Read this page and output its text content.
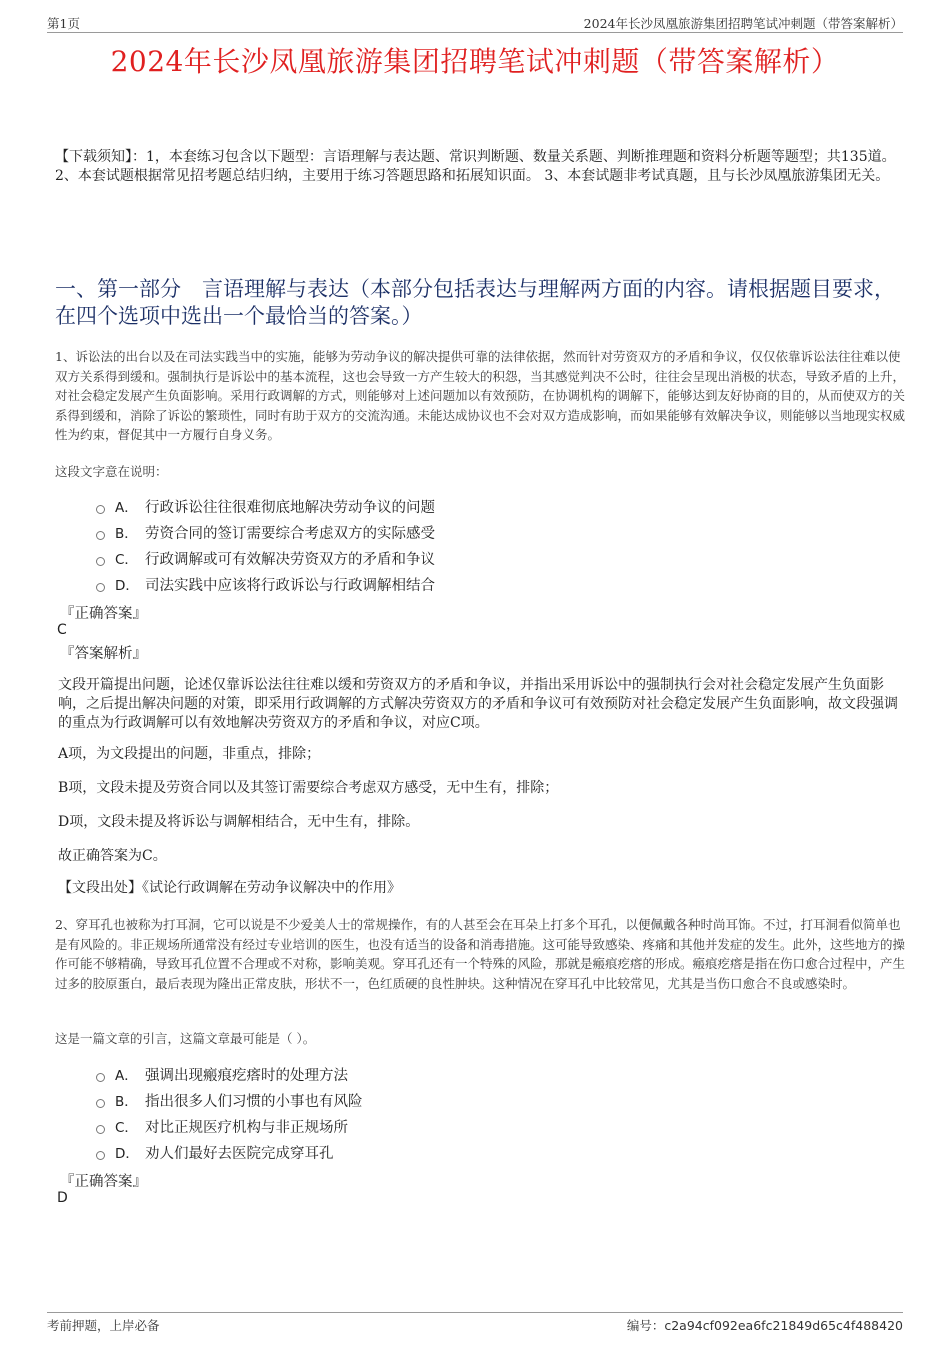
第1页	2024年长沙凤凰旅游集团招聘笔试冲刺题（带答案解析）
2024年长沙凤凰旅游集团招聘笔试冲刺题（带答案解析）

【下载须知】：1，本套练习包含以下题型：言语理解与表达题、常识判断题、数量关系题、判断推理题和资料分析题等题型；共135道。 2、本套试题根据常见招考题总结归纳，主要用于练习答题思路和拓展知识面。 3、本套试题非考试真题，且与长沙凤凰旅游集团无关。

一、第一部分　言语理解与表达（本部分包括表达与理解两方面的内容。请根据题目要求，在四个选项中选出一个最恰当的答案。）

1、诉讼法的出台以及在司法实践当中的实施，能够为劳动争议的解决提供可靠的法律依据，然而针对劳资双方的矛盾和争议，仅仅依靠诉讼法往往难以使双方关系得到缓和。强制执行是诉讼中的基本流程，这也会导致一方产生较大的积怨，当其感觉判决不公时，往往会呈现出消极的状态，导致矛盾的上升，对社会稳定发展产生负面影响。采用行政调解的方式，则能够对上述问题加以有效预防，在协调机构的调解下，能够达到友好协商的目的，从而使双方的关系得到缓和，消除了诉讼的繁琐性，同时有助于双方的交流沟通。未能达成协议也不会对双方造成影响，而如果能够有效解决争议，则能够以当地现实权威性为约束，督促其中一方履行自身义务。

这段文字意在说明：

A． 行政诉讼往往很难彻底地解决劳动争议的问题
B． 劳资合同的签订需要综合考虑双方的实际感受
C． 行政调解或可有效解决劳资双方的矛盾和争议
D． 司法实践中应该将行政诉讼与行政调解相结合
『正确答案』
C
『答案解析』

文段开篇提出问题，论述仅靠诉讼法往往难以缓和劳资双方的矛盾和争议，并指出采用诉讼中的强制执行会对社会稳定发展产生负面影响，之后提出解决问题的对策，即采用行政调解的方式解决劳资双方的矛盾和争议可有效预防对社会稳定发展产生负面影响，故文段强调的重点为行政调解可以有效地解决劳资双方的矛盾和争议，对应C项。

A项，为文段提出的问题，非重点，排除；

B项，文段未提及劳资合同以及其签订需要综合考虑双方感受，无中生有，排除；

D项，文段未提及将诉讼与调解相结合，无中生有，排除。

故正确答案为C。

【文段出处】《试论行政调解在劳动争议解决中的作用》

2、穿耳孔也被称为打耳洞，它可以说是不少爱美人士的常规操作，有的人甚至会在耳朵上打多个耳孔，以便佩戴各种时尚耳饰。不过，打耳洞看似简单也是有风险的。非正规场所通常没有经过专业培训的医生，也没有适当的设备和消毒措施。这可能导致感染、疼痛和其他并发症的发生。此外，这些地方的操作可能不够精确，导致耳孔位置不合理或不对称，影响美观。穿耳孔还有一个特殊的风险，那就是瘢痕疙瘩的形成。瘢痕疙瘩是指在伤口愈合过程中，产生过多的胶原蛋白，最后表现为隆出正常皮肤，形状不一，色红质硬的良性肿块。这种情况在穿耳孔中比较常见，尤其是当伤口愈合不良或感染时。

这是一篇文章的引言，这篇文章最可能是（ ）。

A． 强调出现瘢痕疙瘩时的处理方法
B． 指出很多人们习惯的小事也有风险
C． 对比正规医疗机构与非正规场所
D． 劝人们最好去医院完成穿耳孔
『正确答案』
D
考前押题，上岸必备	编号：c2a94cf092ea6fc21849d65c4f488420
